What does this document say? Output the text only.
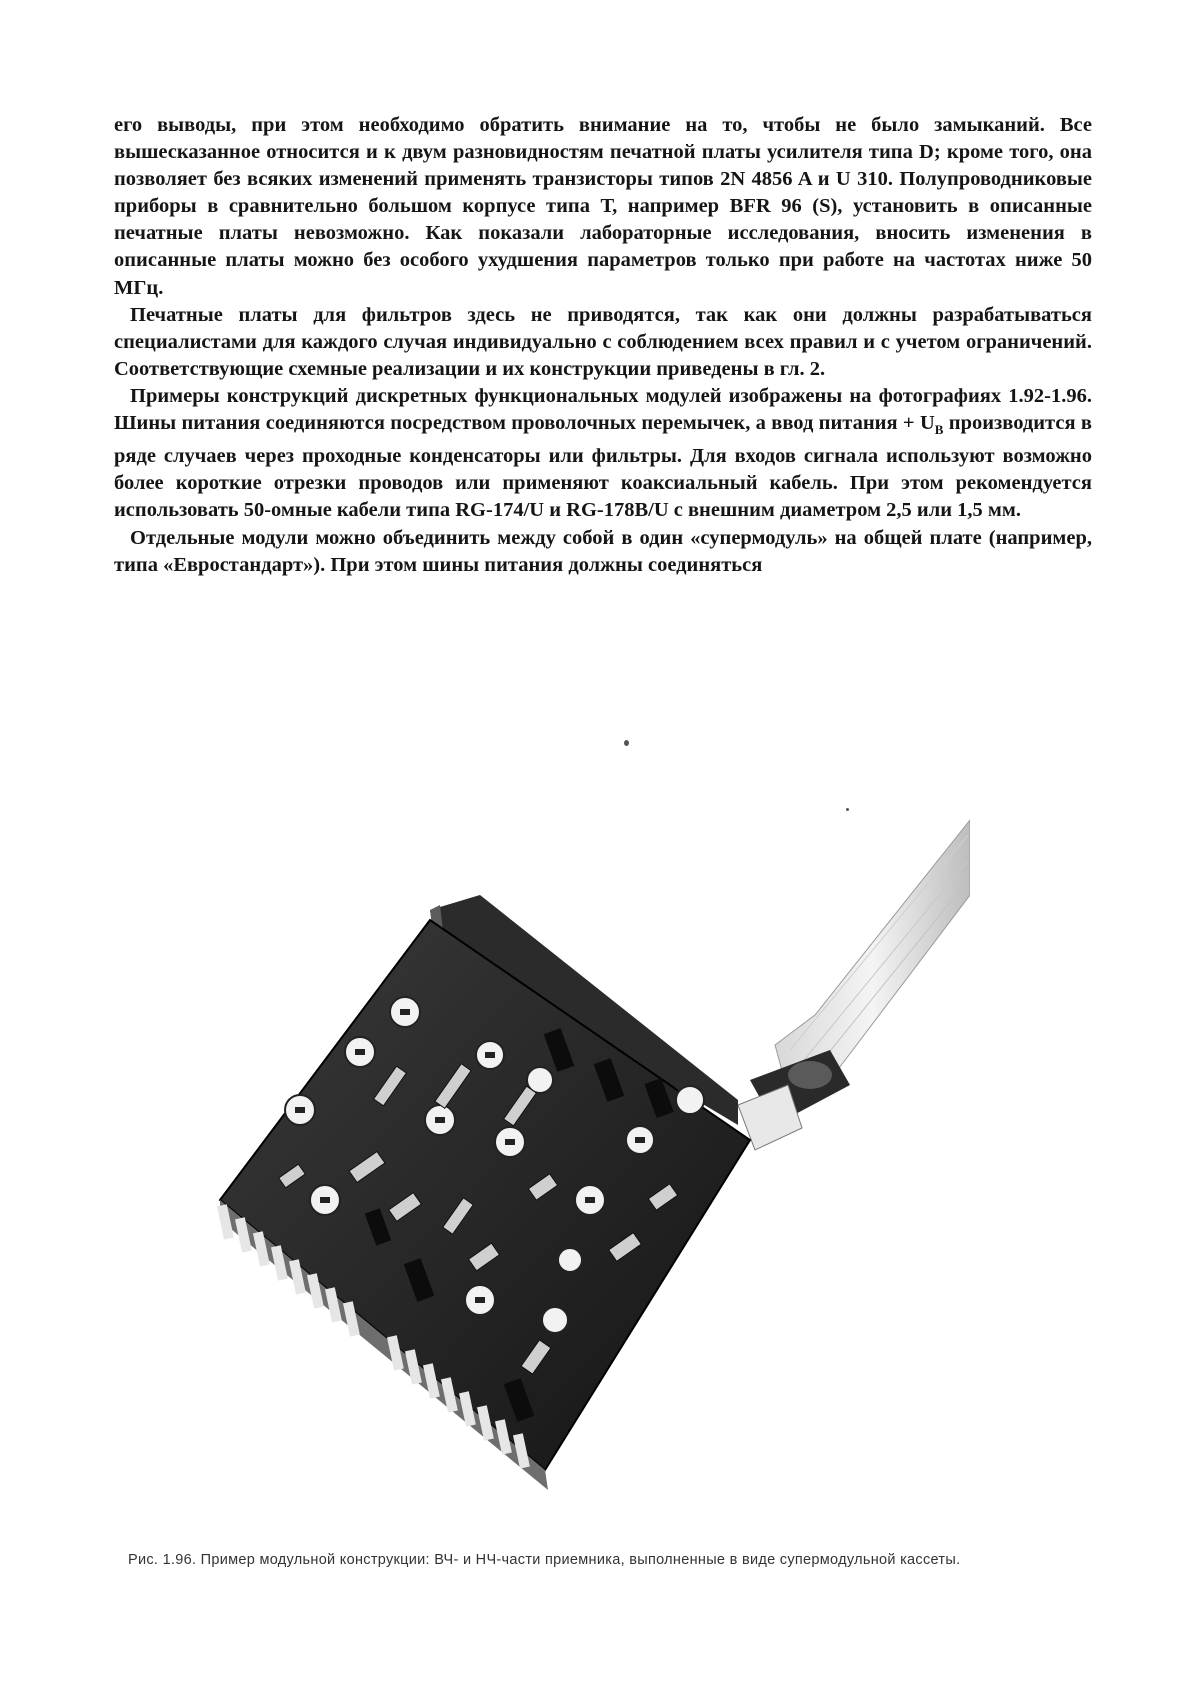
его выводы, при этом необходимо обратить внимание на то, чтобы не было замыканий. Все вышесказанное относится и к двум разновидностям печатной платы усилителя типа D; кроме того, она позволяет без всяких изменений применять транзисторы типов 2N 4856 A и U 310. Полупроводниковые приборы в сравнительно большом корпусе типа Т, например BFR 96 (S), установить в описанные печатные платы невозможно. Как показали лабораторные исследования, вносить изменения в описанные платы можно без особого ухудшения параметров только при работе на частотах ниже 50 МГц.

Печатные платы для фильтров здесь не приводятся, так как они должны разрабатываться специалистами для каждого случая индивидуально с соблюдением всех правил и с учетом ограничений. Соответствующие схемные реализации и их конструкции приведены в гл. 2.

Примеры конструкций дискретных функциональных модулей изображены на фотографиях 1.92-1.96. Шины питания соединяются посредством проволочных перемычек, а ввод питания + $U_B$ производится в ряде случаев через проходные конденсаторы или фильтры. Для входов сигнала используют возможно более короткие отрезки проводов или применяют коаксиальный кабель. При этом рекомендуется использовать 50-омные кабели типа RG-174/U и RG-178B/U с внешним диаметром 2,5 или 1,5 мм.

Отдельные модули можно объединить между собой в один «супермодуль» на общей плате (например, типа «Евростандарт»). При этом шины питания должны соединяться

Рис. 1.96. Пример модульной конструкции: ВЧ- и НЧ-части приемника, выполненные в виде супермодульной кассеты.
